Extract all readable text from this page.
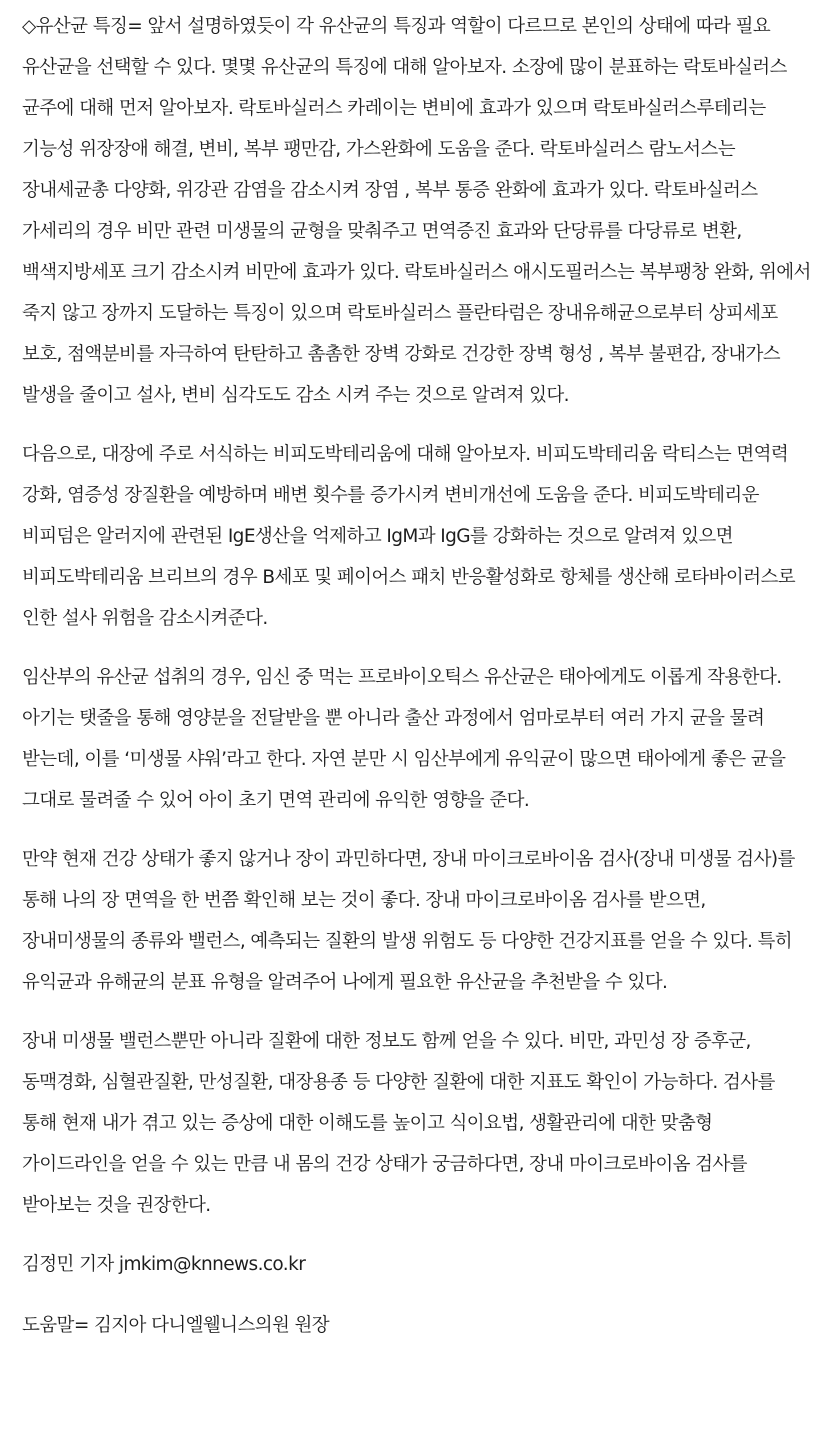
◇유산균 특징= 앞서 설명하였듯이 각 유산균의 특징과 역할이 다르므로 본인의 상태에 따라 필요 유산균을 선택할 수 있다. 몇몇 유산균의 특징에 대해 알아보자. 소장에 많이 분표하는 락토바실러스 균주에 대해 먼저 알아보자. 락토바실러스 카레이는 변비에 효과가 있으며 락토바실러스루테리는 기능성 위장장애 해결, 변비, 복부 팽만감, 가스완화에 도움을 준다. 락토바실러스 람노서스는 장내세균총 다양화, 위강관 감염을 감소시켜 장염 , 복부 통증 완화에 효과가 있다. 락토바실러스 가세리의 경우 비만 관련 미생물의 균형을 맞춰주고 면역증진 효과와 단당류를 다당류로 변환, 백색지방세포 크기 감소시켜 비만에 효과가 있다. 락토바실러스 애시도필러스는 복부팽창 완화, 위에서 죽지 않고 장까지 도달하는 특징이 있으며 락토바실러스 플란타럼은 장내유해균으로부터 상피세포 보호, 점액분비를 자극하여 탄탄하고 촘촘한 장벽 강화로 건강한 장벽 형성 , 복부 불편감, 장내가스 발생을 줄이고 설사, 변비 심각도도 감소 시켜 주는 것으로 알려져 있다.

다음으로, 대장에 주로 서식하는 비피도박테리움에 대해 알아보자. 비피도박테리움 락티스는 면역력 강화, 염증성 장질환을 예방하며 배변 횟수를 증가시켜 변비개선에 도움을 준다. 비피도박테리운 비피덤은 알러지에 관련된 IgE생산을 억제하고 IgM과 IgG를 강화하는 것으로 알려져 있으면 비피도박테리움 브리브의 경우 B세포 및 페이어스 패치 반응활성화로 항체를 생산해 로타바이러스로 인한 설사 위험을 감소시켜준다.

임산부의 유산균 섭취의 경우, 임신 중 먹는 프로바이오틱스 유산균은 태아에게도 이롭게 작용한다. 아기는 탯줄을 통해 영양분을 전달받을 뿐 아니라 출산 과정에서 엄마로부터 여러 가지 균을 물려 받는데, 이를 ‘미생물 샤워’라고 한다. 자연 분만 시 임산부에게 유익균이 많으면 태아에게 좋은 균을 그대로 물려줄 수 있어 아이 초기 면역 관리에 유익한 영향을 준다.

만약 현재 건강 상태가 좋지 않거나 장이 과민하다면, 장내 마이크로바이옴 검사(장내 미생물 검사)를 통해 나의 장 면역을 한 번쯤 확인해 보는 것이 좋다. 장내 마이크로바이옴 검사를 받으면, 장내미생물의 종류와 밸런스, 예측되는 질환의 발생 위험도 등 다양한 건강지표를 얻을 수 있다. 특히 유익균과 유해균의 분표 유형을 알려주어 나에게 필요한 유산균을 추천받을 수 있다.

장내 미생물 밸런스뿐만 아니라 질환에 대한 정보도 함께 얻을 수 있다. 비만, 과민성 장 증후군, 동맥경화, 심혈관질환, 만성질환, 대장용종 등 다양한 질환에 대한 지표도 확인이 가능하다. 검사를 통해 현재 내가 겪고 있는 증상에 대한 이해도를 높이고 식이요법, 생활관리에 대한 맞춤형 가이드라인을 얻을 수 있는 만큼 내 몸의 건강 상태가 궁금하다면, 장내 마이크로바이옴 검사를 받아보는 것을 권장한다.

김정민 기자 jmkim@knnews.co.kr

도움말= 김지아 다니엘웰니스의원 원장
